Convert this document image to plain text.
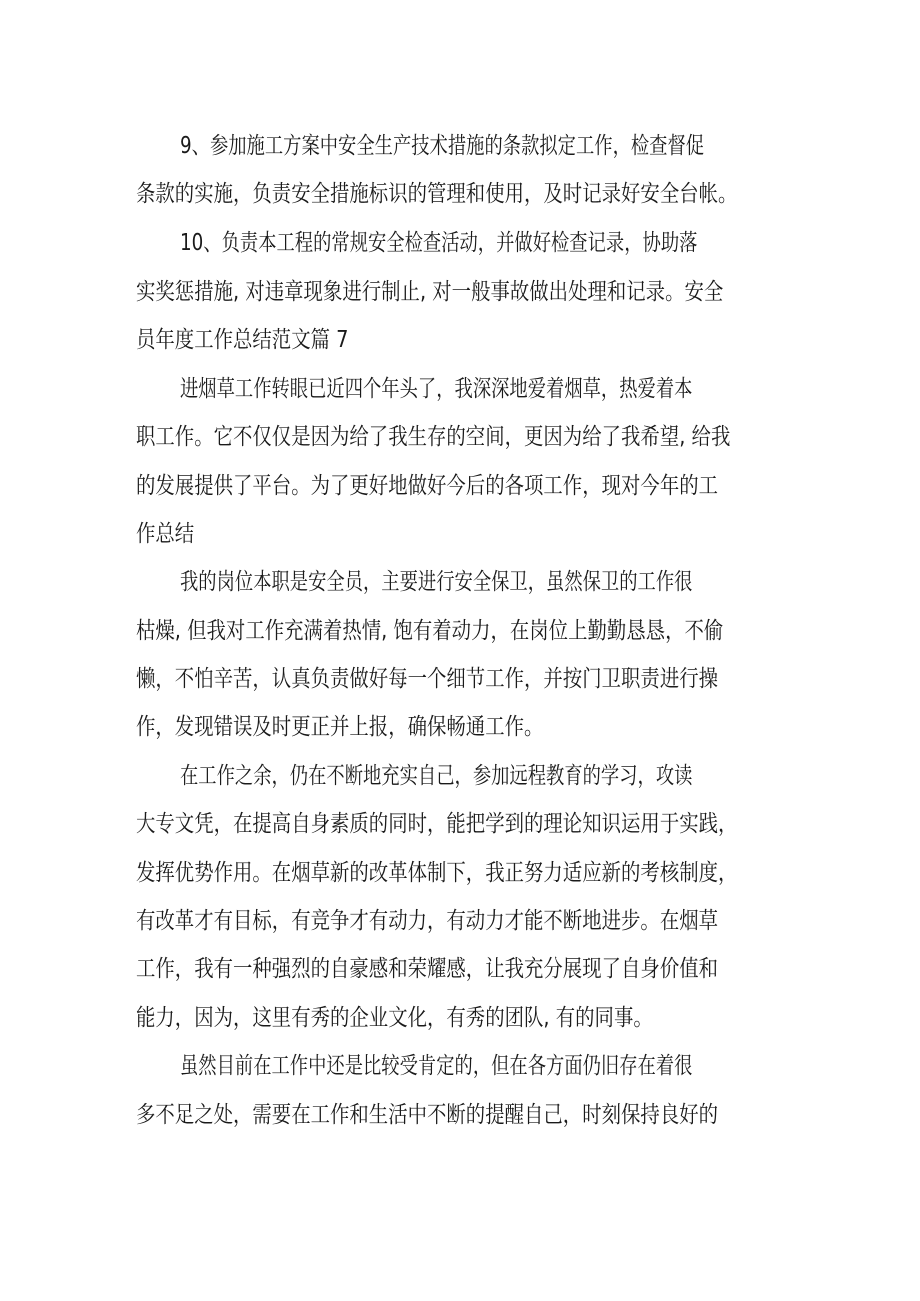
9、参加施工方案中安全生产技术措施的条款拟定工作，检查督促

条款的实施，负责安全措施标识的管理和使用，及时记录好安全台帐。

10、负责本工程的常规安全检查活动，并做好检查记录，协助落

实奖惩措施, 对违章现象进行制止, 对一般事故做出处理和记录。安全

员年度工作总结范文篇 7

进烟草工作转眼已近四个年头了，我深深地爱着烟草，热爱着本

职工作。它不仅仅是因为给了我生存的空间，更因为给了我希望, 给我

的发展提供了平台。为了更好地做好今后的各项工作，现对今年的工

作总结

我的岗位本职是安全员，主要进行安全保卫，虽然保卫的工作很

枯燥, 但我对工作充满着热情, 饱有着动力，在岗位上勤勤恳恳，不偷

懒，不怕辛苦，认真负责做好每一个细节工作，并按门卫职责进行操

作，发现错误及时更正并上报，确保畅通工作。

在工作之余，仍在不断地充实自己，参加远程教育的学习，攻读

大专文凭，在提高自身素质的同时，能把学到的理论知识运用于实践，

发挥优势作用。在烟草新的改革体制下，我正努力适应新的考核制度，

有改革才有目标，有竞争才有动力，有动力才能不断地进步。在烟草

工作，我有一种强烈的自豪感和荣耀感，让我充分展现了自身价值和

能力，因为，这里有秀的企业文化，有秀的团队, 有的同事。

虽然目前在工作中还是比较受肯定的，但在各方面仍旧存在着很

多不足之处，需要在工作和生活中不断的提醒自己，时刻保持良好的
